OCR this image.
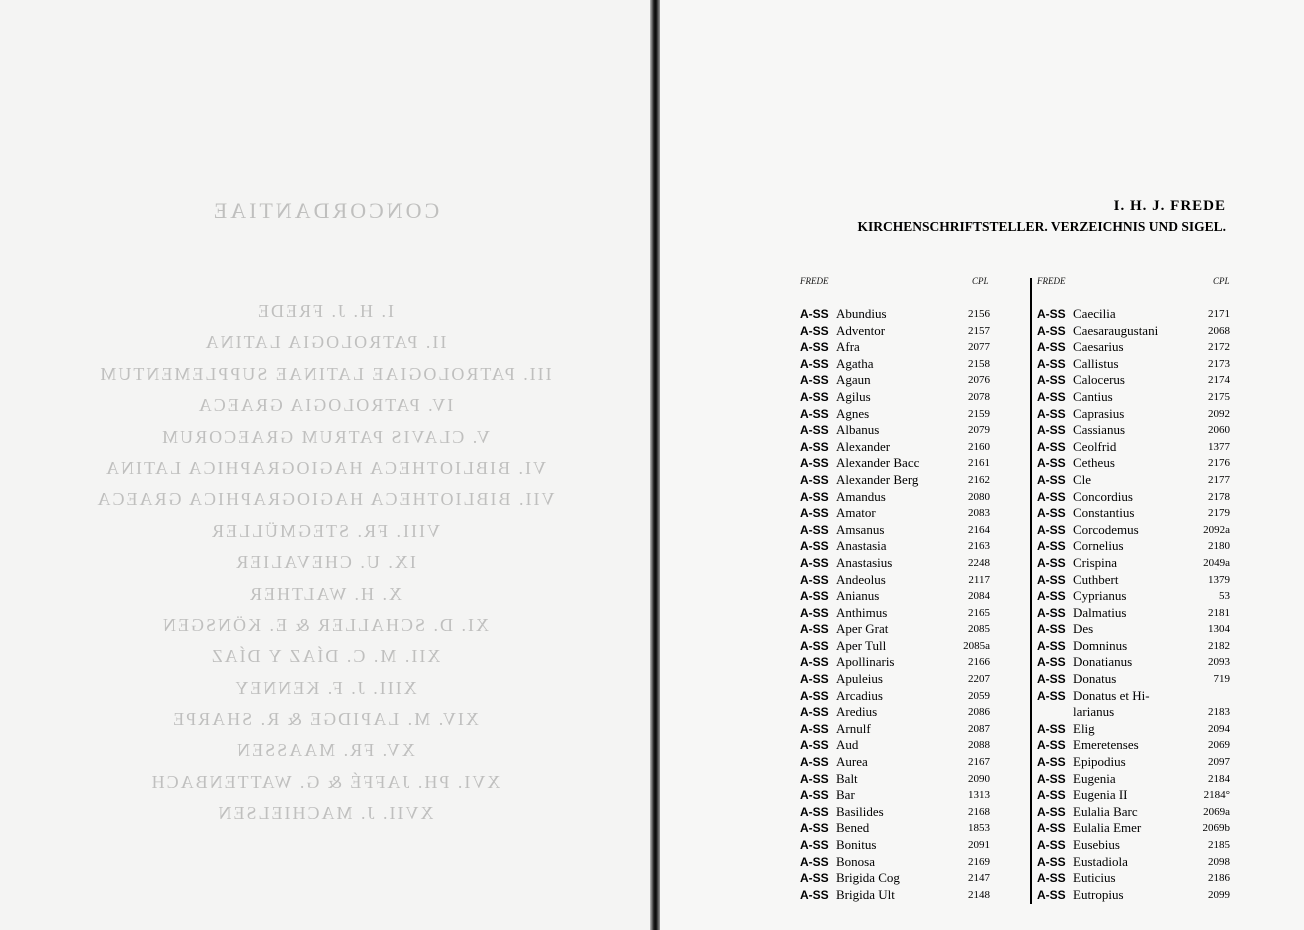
CONCORDANTIAE
I. H. J. FREDE
II. PATROLOGIA LATINA
III. PATROLOGIAE LATINAE SUPPLEMENTUM
IV. PATROLOGIA GRAECA
V. CLAVIS PATRUM GRAECORUM
VI. BIBLIOTHECA HAGIOGRAPHICA LATINA
VII. BIBLIOTHECA HAGIOGRAPHICA GRAECA
VIII. FR. STEGMÜLLER
IX. U. CHEVALIER
X. H. WALTHER
XI. D. SCHALLER & E. KÖNSGEN
XII. M. C. DÍAZ Y DÍAZ
XIII. J. F. KENNEY
XIV. M. LAPIDGE & R. SHARPE
XV. FR. MAASSEN
XVI. PH. JAFFÉ & G. WATTENBACH
XVII. J. MACHIELSEN
I. H. J. FREDE
KIRCHENSCHRIFTSTELLER. VERZEICHNIS UND SIGEL.
FREDE	CPL	FREDE	CPL
A-SS Abundius	2156
A-SS Adventor	2157
A-SS Afra	2077
A-SS Agatha	2158
A-SS Agaun	2076
A-SS Agilus	2078
A-SS Agnes	2159
A-SS Albanus	2079
A-SS Alexander	2160
A-SS Alexander Bacc	2161
A-SS Alexander Berg	2162
A-SS Amandus	2080
A-SS Amator	2083
A-SS Amsanus	2164
A-SS Anastasia	2163
A-SS Anastasius	2248
A-SS Andeolus	2117
A-SS Anianus	2084
A-SS Anthimus	2165
A-SS Aper Grat	2085
A-SS Aper Tull	2085a
A-SS Apollinaris	2166
A-SS Apuleius	2207
A-SS Arcadius	2059
A-SS Aredius	2086
A-SS Arnulf	2087
A-SS Aud	2088
A-SS Aurea	2167
A-SS Balt	2090
A-SS Bar	1313
A-SS Basilides	2168
A-SS Bened	1853
A-SS Bonitus	2091
A-SS Bonosa	2169
A-SS Brigida Cog	2147
A-SS Brigida Ult	2148
A-SS Caecilia	2171
A-SS Caesaraugustani	2068
A-SS Caesarius	2172
A-SS Callistus	2173
A-SS Calocerus	2174
A-SS Cantius	2175
A-SS Caprasius	2092
A-SS Cassianus	2060
A-SS Ceolfrid	1377
A-SS Cetheus	2176
A-SS Cle	2177
A-SS Concordius	2178
A-SS Constantius	2179
A-SS Corcodemus	2092a
A-SS Cornelius	2180
A-SS Crispina	2049a
A-SS Cuthbert	1379
A-SS Cyprianus	53
A-SS Dalmatius	2181
A-SS Des	1304
A-SS Domninus	2182
A-SS Donatianus	2093
A-SS Donatus	719
A-SS Donatus et Hi-
larianus	2183
A-SS Elig	2094
A-SS Emeretenses	2069
A-SS Epipodius	2097
A-SS Eugenia	2184
A-SS Eugenia II	2184°
A-SS Eulalia Barc	2069a
A-SS Eulalia Emer	2069b
A-SS Eusebius	2185
A-SS Eustadiola	2098
A-SS Euticius	2186
A-SS Eutropius	2099
